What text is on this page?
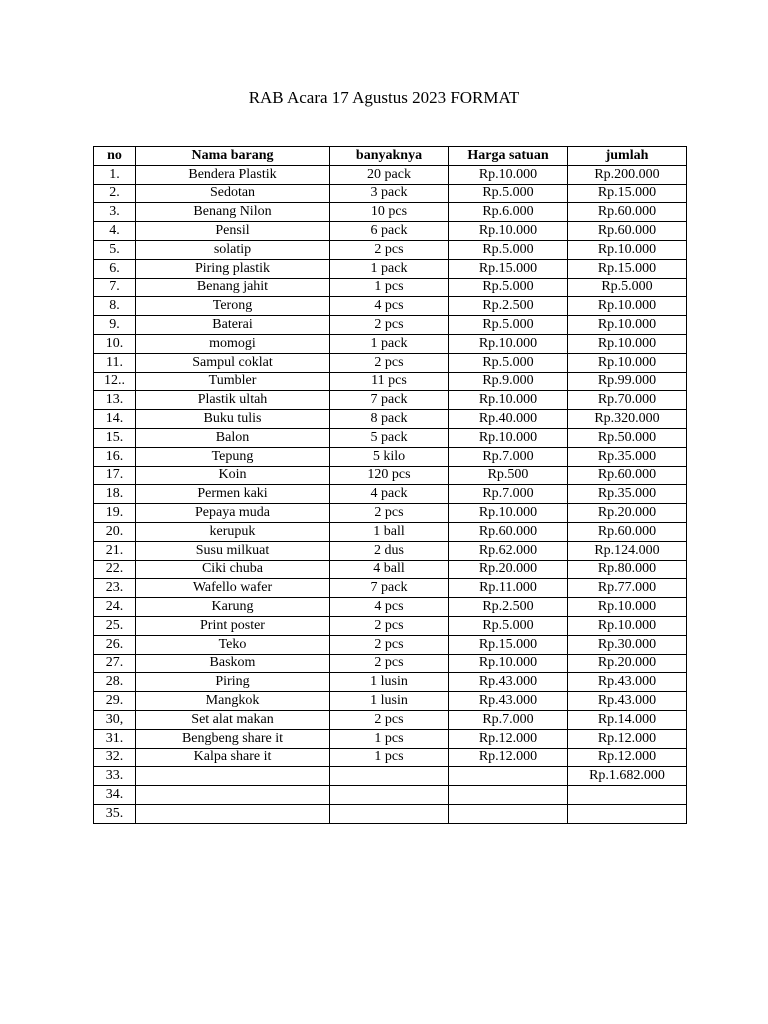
RAB Acara 17 Agustus 2023 FORMAT
no	Nama barang	banyaknya	Harga satuan	jumlah
1.	Bendera Plastik	20 pack	Rp.10.000	Rp.200.000
2.	Sedotan	3 pack	Rp.5.000	Rp.15.000
3.	Benang Nilon	10 pcs	Rp.6.000	Rp.60.000
4.	Pensil	6 pack	Rp.10.000	Rp.60.000
5.	solatip	2 pcs	Rp.5.000	Rp.10.000
6.	Piring plastik	1 pack	Rp.15.000	Rp.15.000
7.	Benang jahit	1 pcs	Rp.5.000	Rp.5.000
8.	Terong	4 pcs	Rp.2.500	Rp.10.000
9.	Baterai	2 pcs	Rp.5.000	Rp.10.000
10.	momogi	1 pack	Rp.10.000	Rp.10.000
11.	Sampul coklat	2 pcs	Rp.5.000	Rp.10.000
12..	Tumbler	11 pcs	Rp.9.000	Rp.99.000
13.	Plastik ultah	7 pack	Rp.10.000	Rp.70.000
14.	Buku tulis	8 pack	Rp.40.000	Rp.320.000
15.	Balon	5 pack	Rp.10.000	Rp.50.000
16.	Tepung	5 kilo	Rp.7.000	Rp.35.000
17.	Koin	120 pcs	Rp.500	Rp.60.000
18.	Permen kaki	4 pack	Rp.7.000	Rp.35.000
19.	Pepaya muda	2 pcs	Rp.10.000	Rp.20.000
20.	kerupuk	1 ball	Rp.60.000	Rp.60.000
21.	Susu milkuat	2 dus	Rp.62.000	Rp.124.000
22.	Ciki chuba	4 ball	Rp.20.000	Rp.80.000
23.	Wafello wafer	7 pack	Rp.11.000	Rp.77.000
24.	Karung	4 pcs	Rp.2.500	Rp.10.000
25.	Print poster	2 pcs	Rp.5.000	Rp.10.000
26.	Teko	2 pcs	Rp.15.000	Rp.30.000
27.	Baskom	2 pcs	Rp.10.000	Rp.20.000
28.	Piring	1 lusin	Rp.43.000	Rp.43.000
29.	Mangkok	1 lusin	Rp.43.000	Rp.43.000
30,	Set alat makan	2 pcs	Rp.7.000	Rp.14.000
31.	Bengbeng share it	1 pcs	Rp.12.000	Rp.12.000
32.	Kalpa share it	1 pcs	Rp.12.000	Rp.12.000
33.				Rp.1.682.000
34.				
35.				
